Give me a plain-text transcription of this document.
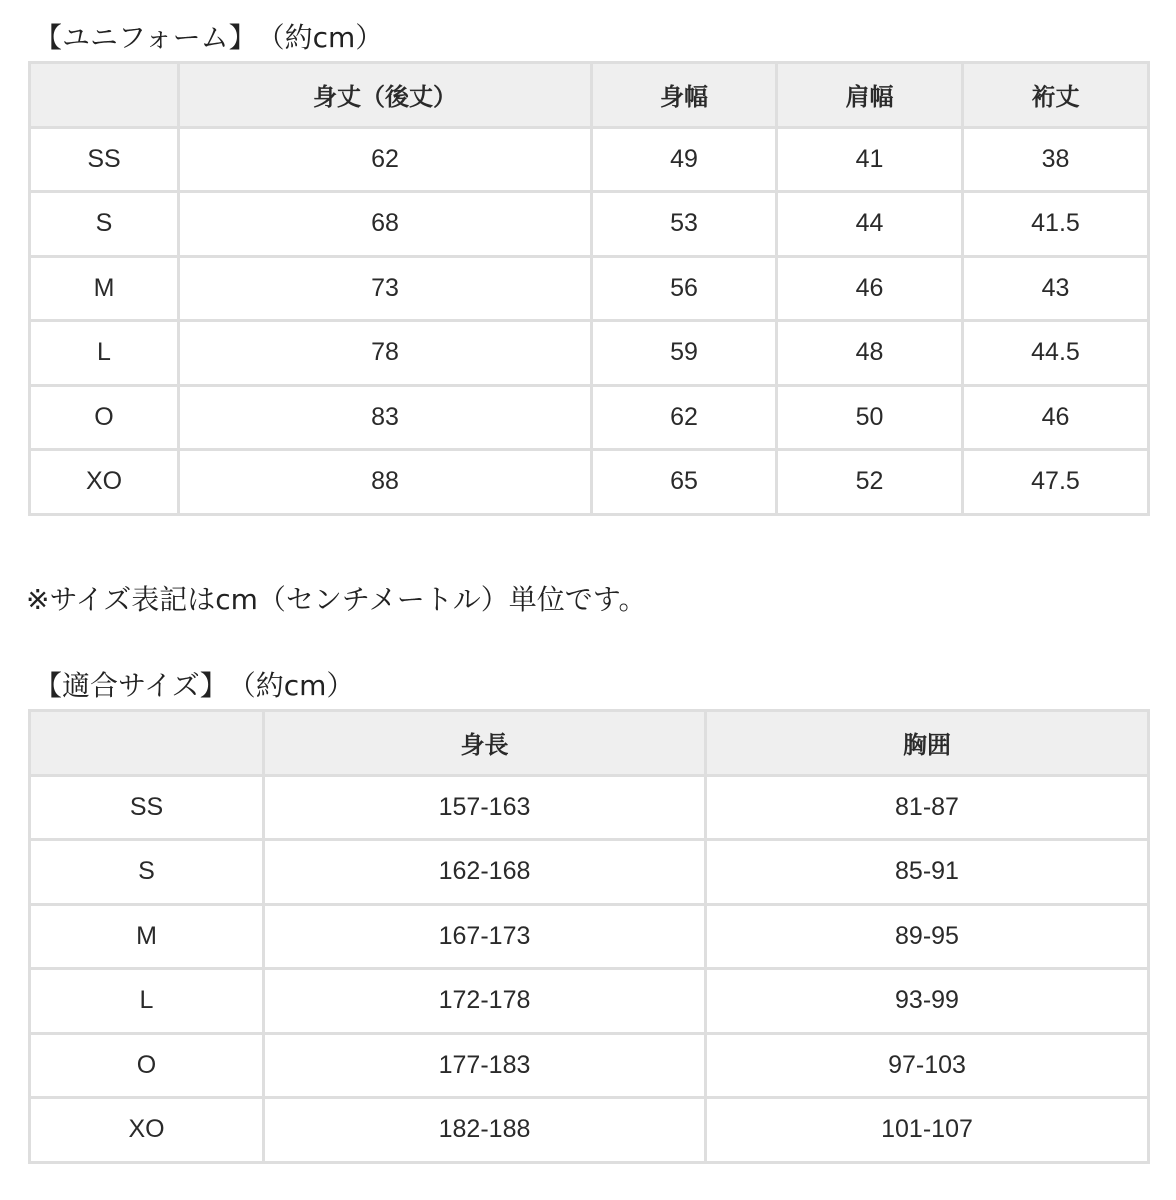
【ユニフォーム】 （約cm）
	身丈（後丈）	身幅	肩幅	裄丈
SS	62	49	41	38
S	68	53	44	41.5
M	73	56	46	43
L	78	59	48	44.5
O	83	62	50	46
XO	88	65	52	47.5
※サイズ表記はcm（センチメートル）単位です。
【適合サイズ】 （約cm）
	身長	胸囲
SS	157-163	81-87
S	162-168	85-91
M	167-173	89-95
L	172-178	93-99
O	177-183	97-103
XO	182-188	101-107
